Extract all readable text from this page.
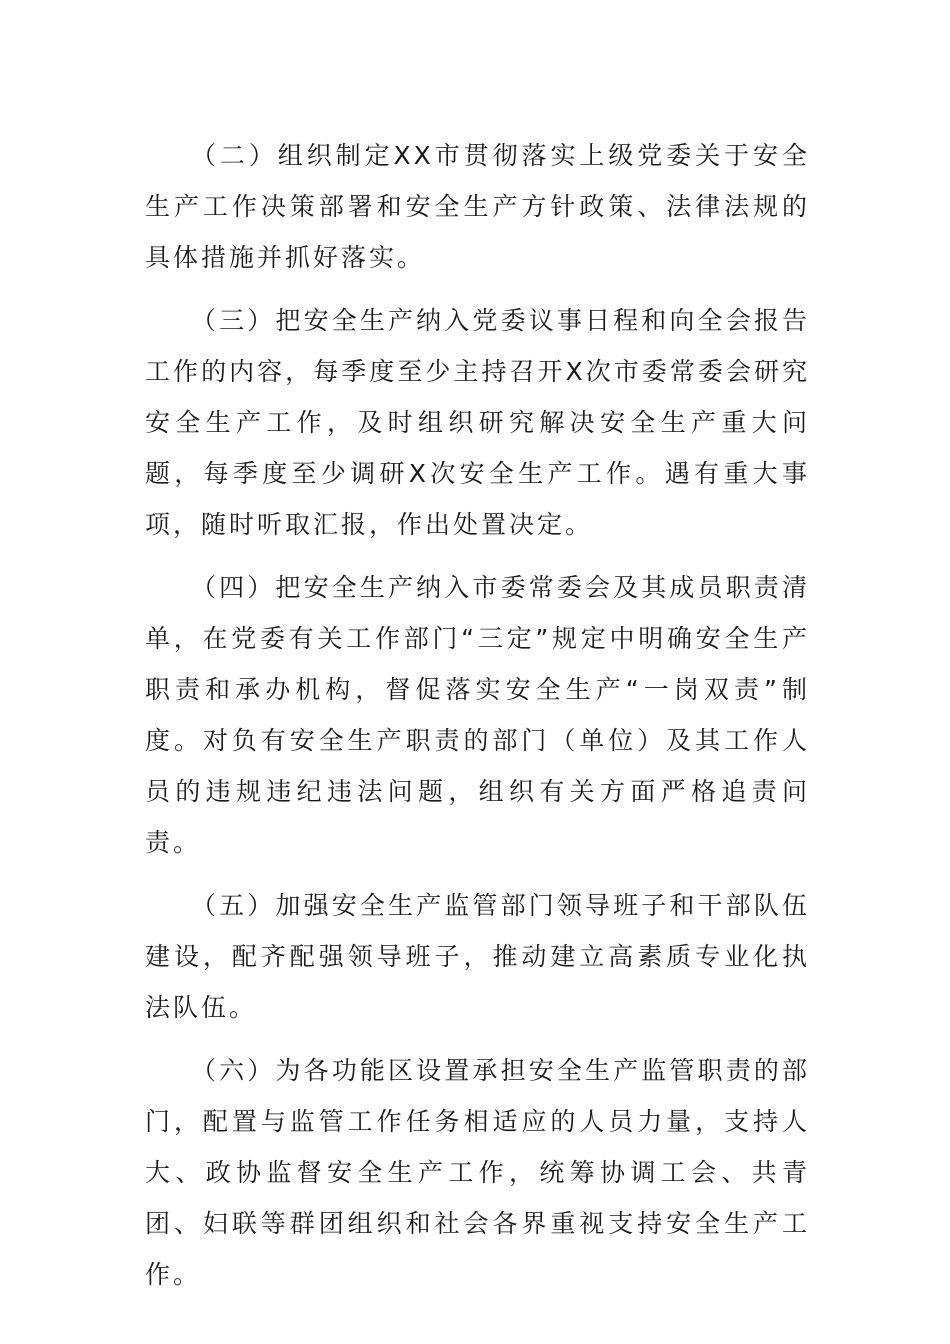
（二）组织制定XX市贯彻落实上级党委关于安全生产工作决策部署和安全生产方针政策、法律法规的具体措施并抓好落实。

（三）把安全生产纳入党委议事日程和向全会报告工作的内容，每季度至少主持召开X次市委常委会研究安全生产工作，及时组织研究解决安全生产重大问题，每季度至少调研X次安全生产工作。遇有重大事项，随时听取汇报，作出处置决定。

（四）把安全生产纳入市委常委会及其成员职责清单，在党委有关工作部门“三定”规定中明确安全生产职责和承办机构，督促落实安全生产“一岗双责”制度。对负有安全生产职责的部门（单位）及其工作人员的违规违纪违法问题，组织有关方面严格追责问责。

（五）加强安全生产监管部门领导班子和干部队伍建设，配齐配强领导班子，推动建立高素质专业化执法队伍。

（六）为各功能区设置承担安全生产监管职责的部门，配置与监管工作任务相适应的人员力量，支持人大、政协监督安全生产工作，统筹协调工会、共青团、妇联等群团组织和社会各界重视支持安全生产工作。
